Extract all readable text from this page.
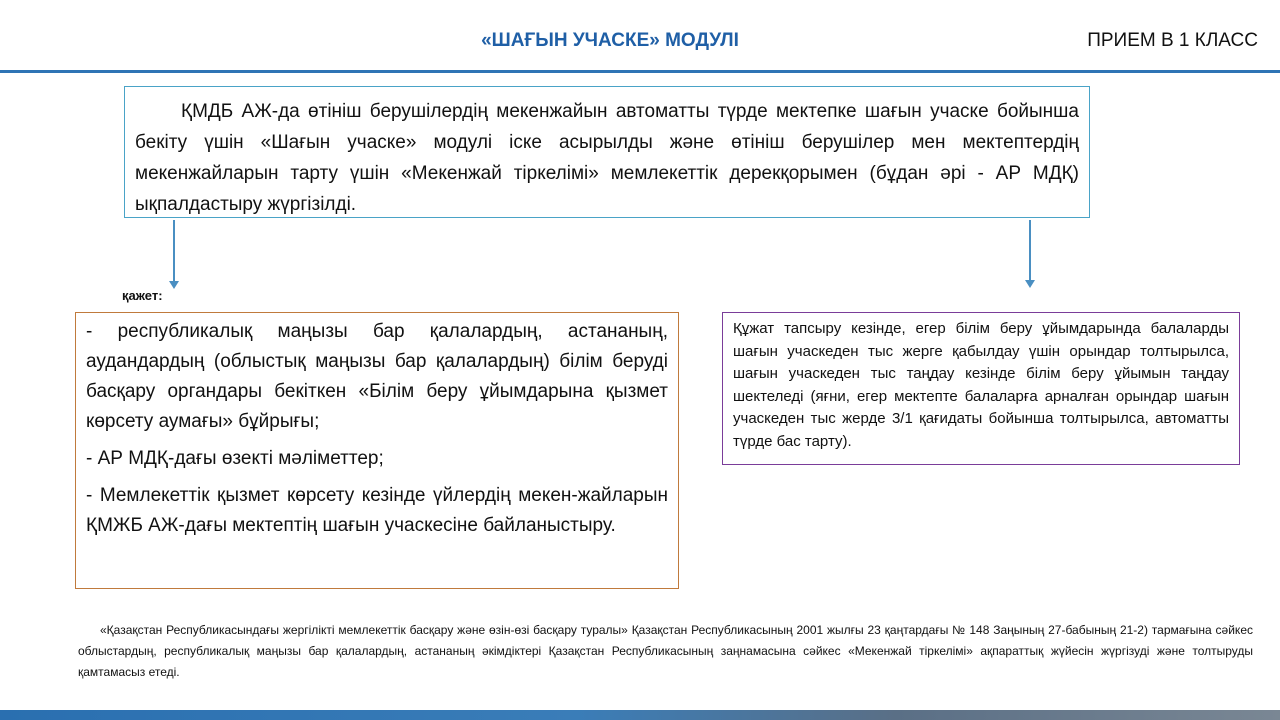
«ШАҒЫН УЧАСКЕ» МОДУЛІ	ПРИЕМ В 1 КЛАСС

ҚМДБ АЖ-да өтініш берушілердің мекенжайын автоматты түрде мектепке шағын учаске бойынша бекіту үшін «Шағын учаске» модулі іске асырылды және өтініш берушілер мен мектептердің мекенжайларын тарту үшін «Мекенжай тіркелімі» мемлекеттік дерекқорымен (бұдан әрі - АР МДҚ) ықпалдастыру жүргізілді.

қажет:

- республикалық маңызы бар қалалардың, астананың, аудандардың (облыстық маңызы бар қалалардың) білім беруді басқару органдары бекіткен «Білім беру ұйымдарына қызмет көрсету аумағы» бұйрығы;

- АР МДҚ-дағы өзекті мәліметтер;

- Мемлекеттік қызмет көрсету кезінде үйлердің мекен-жайларын ҚМЖБ АЖ-дағы мектептің шағын учаскесіне байланыстыру.

Құжат тапсыру кезінде, егер білім беру ұйымдарында балаларды шағын учаскеден тыс жерге қабылдау үшін орындар толтырылса, шағын учаскеден тыс таңдау кезінде білім беру ұйымын таңдау шектеледі (яғни, егер мектепте балаларға арналған орындар шағын учаскеден тыс жерде 3/1 қағидаты бойынша толтырылса, автоматты түрде бас тарту).

«Қазақстан Республикасындағы жергілікті мемлекеттік басқару және өзін-өзі басқару туралы» Қазақстан Республикасының 2001 жылғы 23 қаңтардағы № 148 Заңының 27-бабының 21-2) тармағына сәйкес облыстардың, республикалық маңызы бар қалалардың, астананың әкімдіктері Қазақстан Республикасының заңнамасына сәйкес «Мекенжай тіркелімі» ақпараттық жүйесін жүргізуді және толтыруды қамтамасыз етеді.
